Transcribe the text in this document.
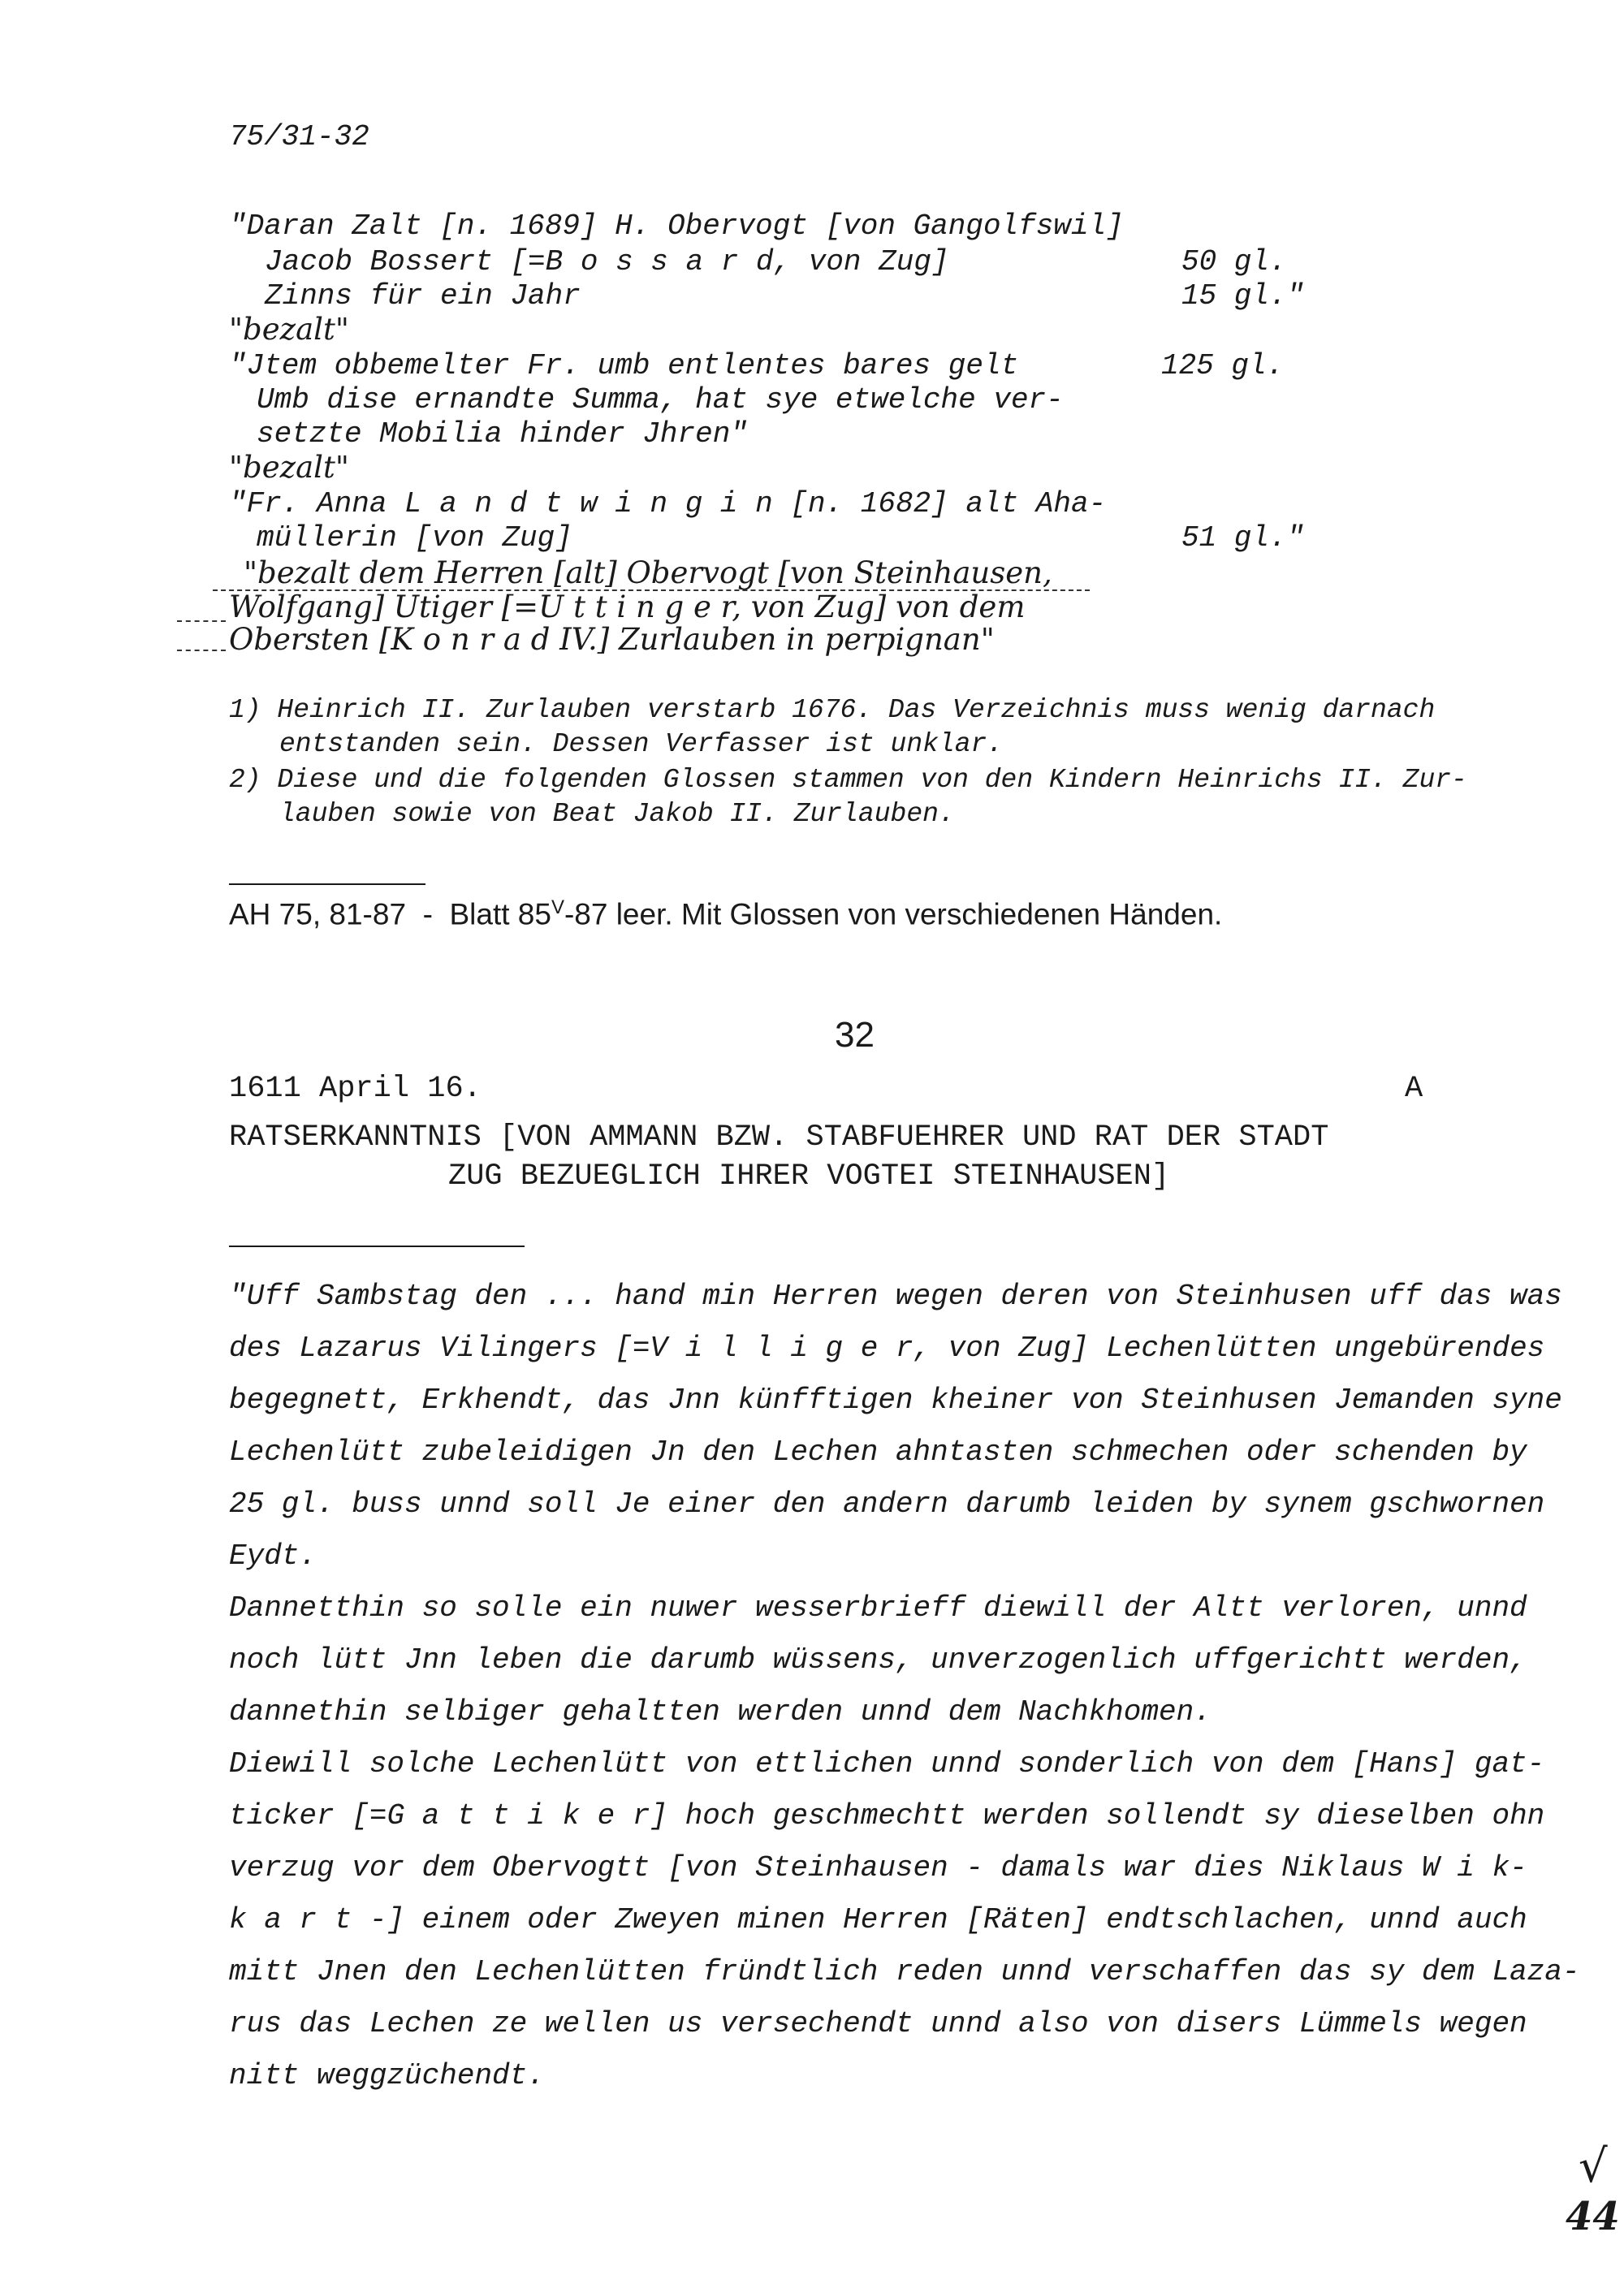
75/31-32
"Daran Zalt [n. 1689] H. Obervogt [von Gangolfswil]
Jacob Bossert [=B o s s a r d, von Zug]	50 gl.
Zinns für ein Jahr	15 gl."
"bezalt"
"Jtem obbemelter Fr. umb entlentes bares gelt	125 gl.
Umb dise ernandte Summa, hat sye etwelche ver-
setzte Mobilia hinder Jhren"
"bezalt"
"Fr. Anna L a n d t w i n g i n [n. 1682] alt Aha-
müllerin [von Zug]	51 gl."
"bezalt dem Herren [alt] Obervogt [von Steinhausen,
Wolfgang] Utiger [=U t t i n g e r, von Zug] von dem
Obersten [K o n r a d IV.] Zurlauben in perpignan"
1) Heinrich II. Zurlauben verstarb 1676. Das Verzeichnis muss wenig darnach
entstanden sein. Dessen Verfasser ist unklar.
2) Diese und die folgenden Glossen stammen von den Kindern Heinrichs II. Zur-
lauben sowie von Beat Jakob II. Zurlauben.
AH 75, 81-87  -  Blatt $85^V-87$ leer. Mit Glossen von verschiedenen Händen.
32
1611 April 16.	A
RATSERKANNTNIS [VON AMMANN BZW. STABFUEHRER UND RAT DER STADT
ZUG BEZUEGLICH IHRER VOGTEI STEINHAUSEN]
"Uff Sambstag den ... hand min Herren wegen deren von Steinhusen uff das was
des Lazarus Vilingers [=V i l l i g e r, von Zug] Lechenlütten ungebürendes
begegnett, Erkhendt, das Jnn künfftigen kheiner von Steinhusen Jemanden syne
Lechenlütt zubeleidigen Jn den Lechen ahntasten schmechen oder schenden by
25 gl. buss unnd soll Je einer den andern darumb leiden by synem gschwornen
Eydt.
Dannetthin so solle ein nuwer wesserbrieff diewill der Altt verloren, unnd
noch lütt Jnn leben die darumb wüssens, unverzogenlich uffgerichtt werden,
dannethin selbiger gehaltten werden unnd dem Nachkhomen.
Diewill solche Lechenlütt von ettlichen unnd sonderlich von dem [Hans] gat-
ticker [=G a t t i k e r] hoch geschmechtt werden sollendt sy dieselben ohn
verzug vor dem Obervogtt [von Steinhausen - damals war dies Niklaus W i k-
k a r t -] einem oder Zweyen minen Herren [Räten] endtschlachen, unnd auch
mitt Jnen den Lechenlütten fründtlich reden unnd verschaffen das sy dem Laza-
rus das Lechen ze wellen us versechendt unnd also von disers Lümmels wegen
nitt weggzüchendt.
√
44
